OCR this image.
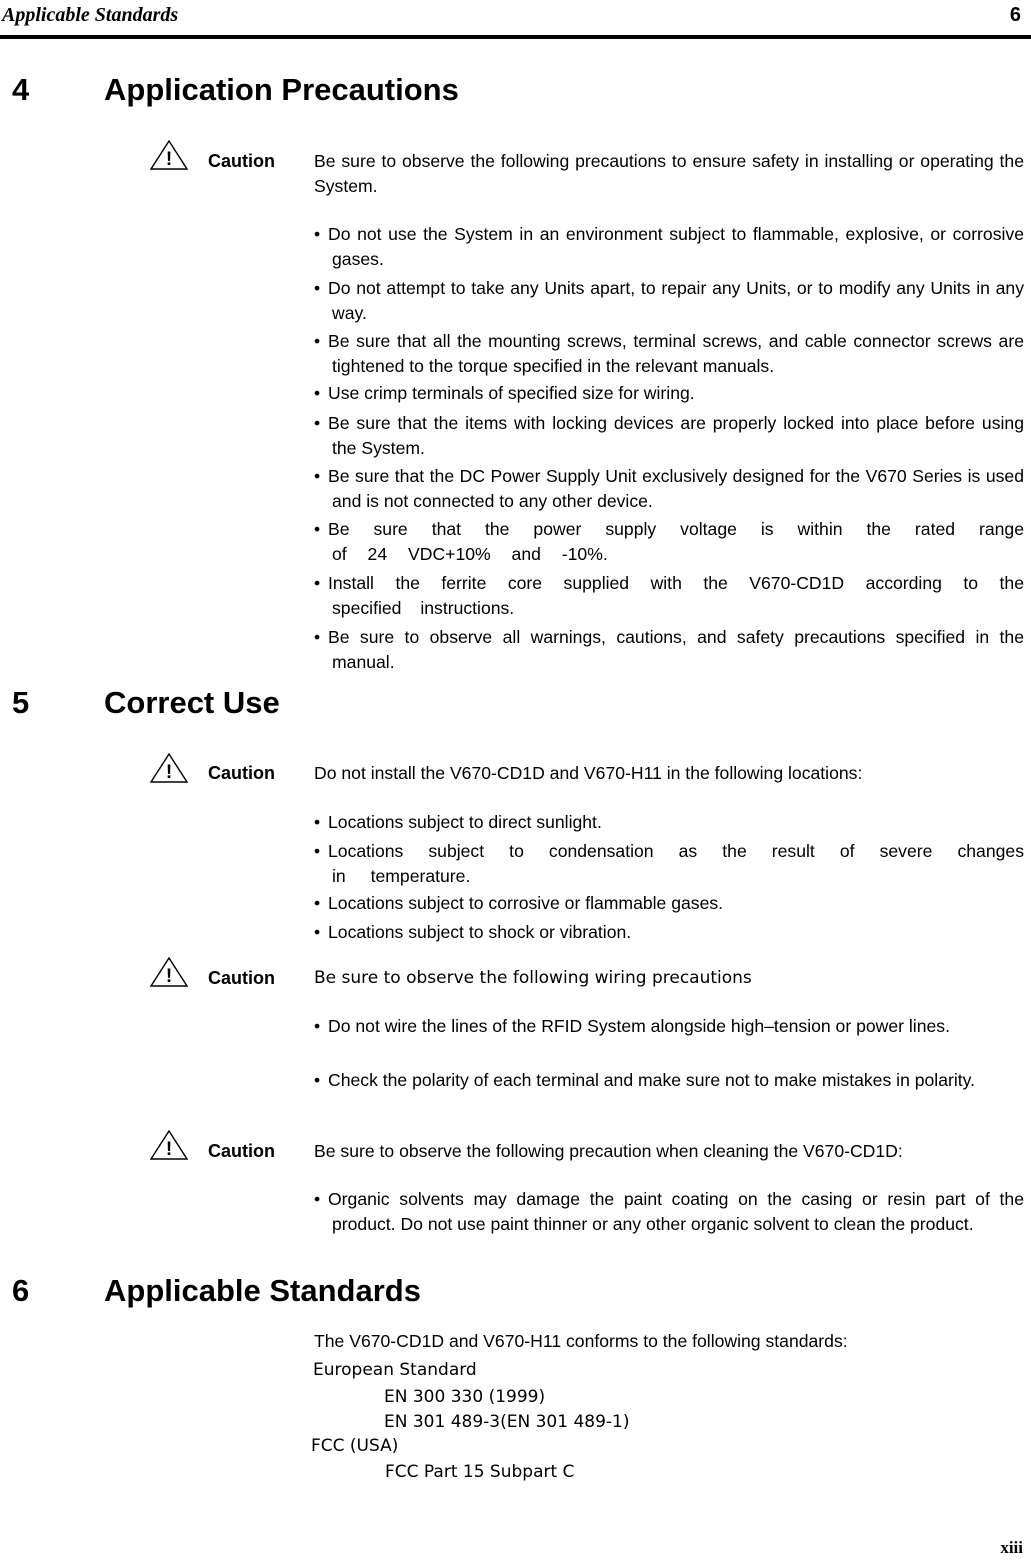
Applicable Standards	6
4 Application Precautions
! Caution Be sure to observe the following precautions to ensure safety in installing or operating the System.
• Do not use the System in an environment subject to flammable, explosive, or corrosive gases.
• Do not attempt to take any Units apart, to repair any Units, or to modify any Units in any way.
• Be sure that all the mounting screws, terminal screws, and cable connector screws are tightened to the torque specified in the relevant manuals.
• Use crimp terminals of specified size for wiring.
• Be sure that the items with locking devices are properly locked into place before using the System.
• Be sure that the DC Power Supply Unit exclusively designed for the V670 Series is used and is not connected to any other device.
• Be sure that the power supply voltage is within the rated range of 24 VDC+10% and -10%.
• Install the ferrite core supplied with the V670-CD1D according to the specified instructions.
• Be sure to observe all warnings, cautions, and safety precautions specified in the manual.
5 Correct Use
! Caution Do not install the V670-CD1D and V670-H11 in the following locations:
• Locations subject to direct sunlight.
• Locations subject to condensation as the result of severe changes in temperature.
• Locations subject to corrosive or flammable gases.
• Locations subject to shock or vibration.
! Caution Be sure to observe the following wiring precautions
• Do not wire the lines of the RFID System alongside high–tension or power lines.
• Check the polarity of each terminal and make sure not to make mistakes in polarity.
! Caution Be sure to observe the following precaution when cleaning the V670-CD1D:
• Organic solvents may damage the paint coating on the casing or resin part of the product. Do not use paint thinner or any other organic solvent to clean the product.
6 Applicable Standards
The V670-CD1D and V670-H11 conforms to the following standards:
European Standard
EN 300 330 (1999)
EN 301 489-3(EN 301 489-1)
FCC (USA)
FCC Part 15 Subpart C
xiii
